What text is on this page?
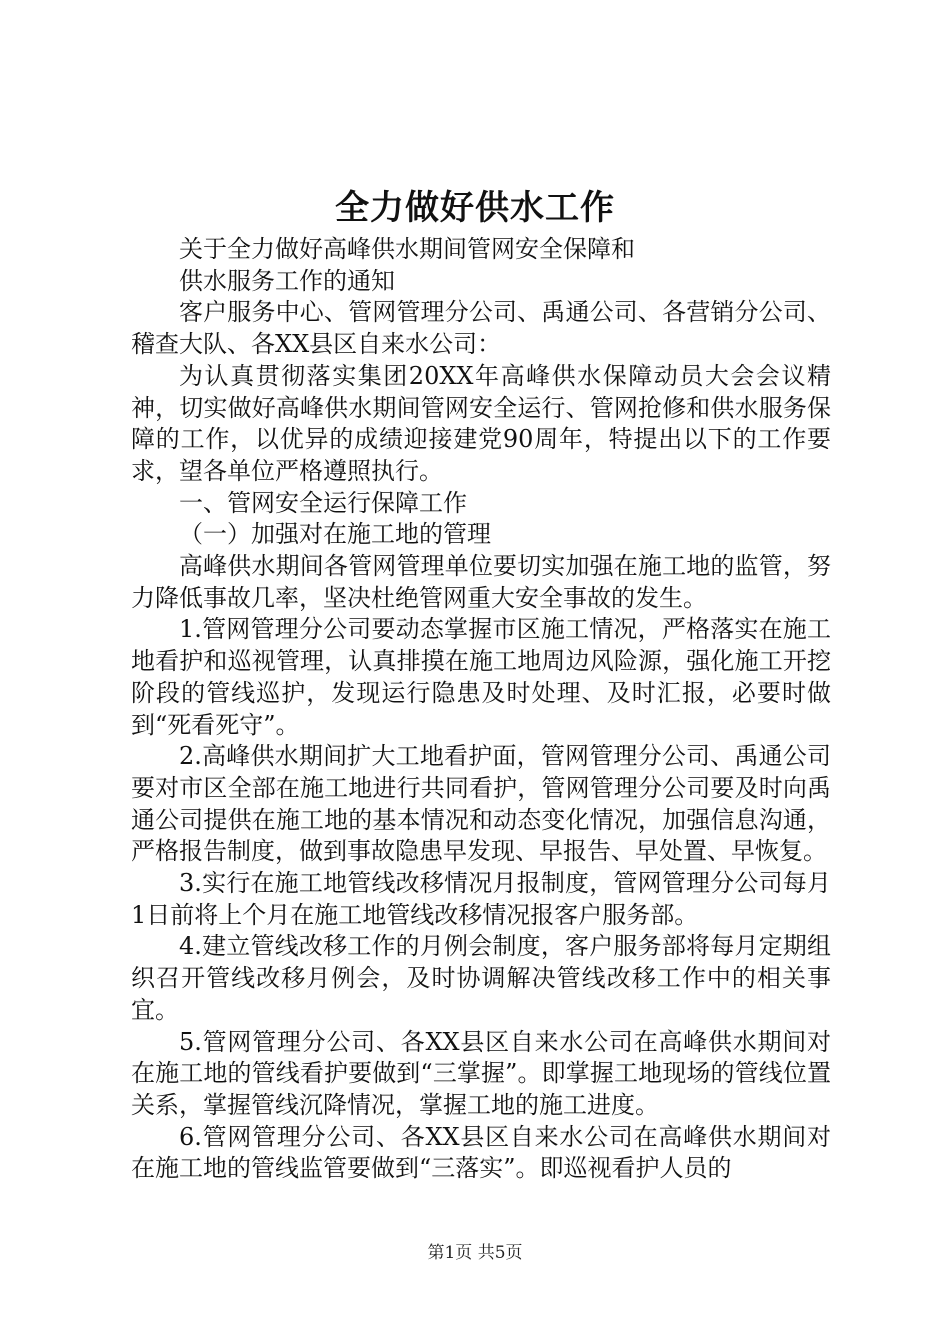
全力做好供水工作

关于全力做好高峰供水期间管网安全保障和

供水服务工作的通知

客户服务中心、管网管理分公司、禹通公司、各营销分公司、稽查大队、各XX县区自来水公司：

为认真贯彻落实集团20XX年高峰供水保障动员大会会议精神，切实做好高峰供水期间管网安全运行、管网抢修和供水服务保障的工作，以优异的成绩迎接建党90周年，特提出以下的工作要求，望各单位严格遵照执行。

一、管网安全运行保障工作

（一）加强对在施工地的管理

高峰供水期间各管网管理单位要切实加强在施工地的监管，努力降低事故几率，坚决杜绝管网重大安全事故的发生。

1.管网管理分公司要动态掌握市区施工情况，严格落实在施工地看护和巡视管理，认真排摸在施工地周边风险源，强化施工开挖阶段的管线巡护，发现运行隐患及时处理、及时汇报，必要时做到“死看死守”。

2.高峰供水期间扩大工地看护面，管网管理分公司、禹通公司要对市区全部在施工地进行共同看护，管网管理分公司要及时向禹通公司提供在施工地的基本情况和动态变化情况，加强信息沟通，严格报告制度，做到事故隐患早发现、早报告、早处置、早恢复。

3.实行在施工地管线改移情况月报制度，管网管理分公司每月1日前将上个月在施工地管线改移情况报客户服务部。

4.建立管线改移工作的月例会制度，客户服务部将每月定期组织召开管线改移月例会，及时协调解决管线改移工作中的相关事宜。

5.管网管理分公司、各XX县区自来水公司在高峰供水期间对在施工地的管线看护要做到“三掌握”。即掌握工地现场的管线位置关系，掌握管线沉降情况，掌握工地的施工进度。

6.管网管理分公司、各XX县区自来水公司在高峰供水期间对在施工地的管线监管要做到“三落实”。即巡视看护人员的

第1页 共5页
